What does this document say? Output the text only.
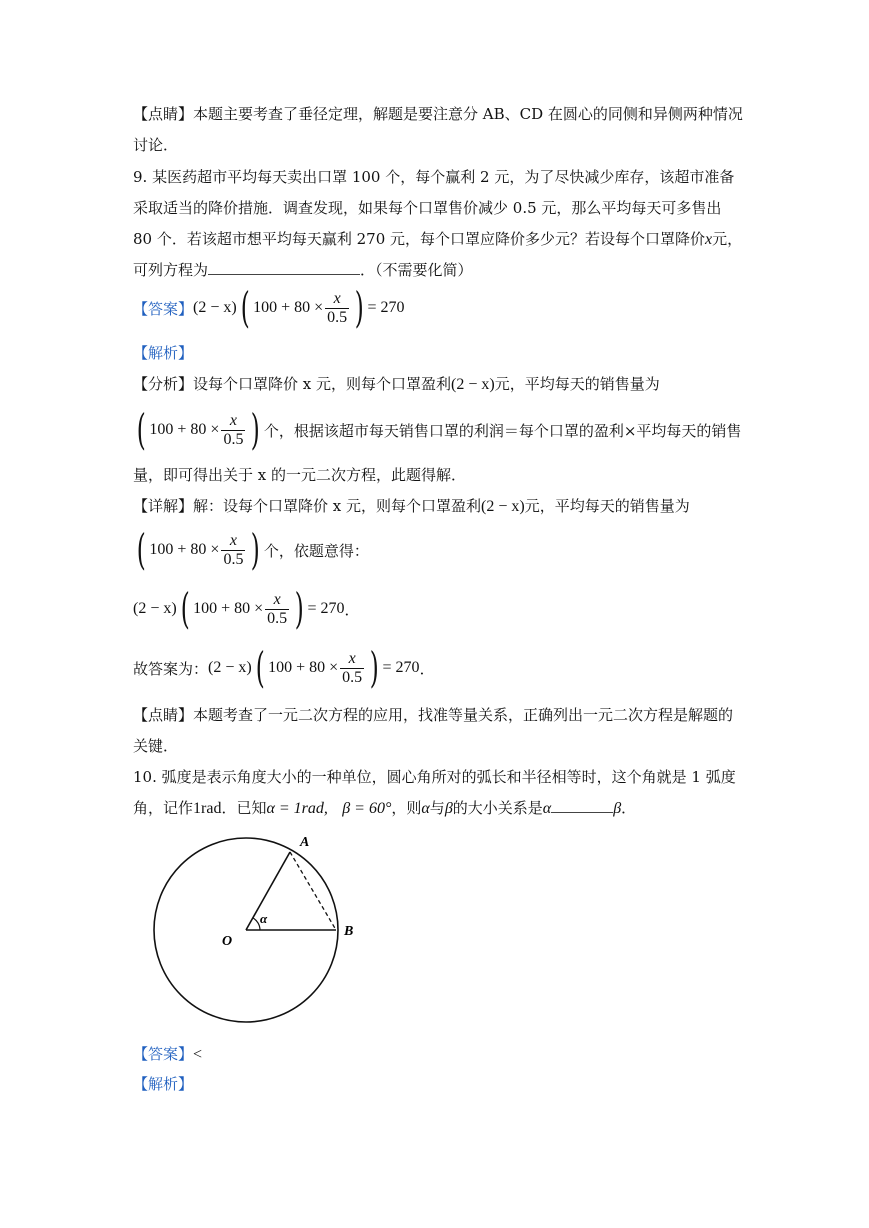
【点睛】本题主要考查了垂径定理，解题是要注意分 AB、CD 在圆心的同侧和异侧两种情况
讨论．
9. 某医药超市平均每天卖出口罩 100 个，每个赢利 2 元，为了尽快减少库存，该超市准备
采取适当的降价措施．调查发现，如果每个口罩售价减少 0.5 元，那么平均每天可多售出
80 个．若该超市想平均每天赢利 270 元，每个口罩应降价多少元？若设每个口罩降价x元，
可列方程为	．（不需要化简）
【答案】 (2 − x) ( $100 + 80 \times \frac{x}{0.5}$ ) = 270
【解析】
【分析】设每个口罩降价 x 元，则每个口罩盈利(2 − x)元，平均每天的销售量为
( $100 + 80 \times \frac{x}{0.5}$ ) 个，根据该超市每天销售口罩的利润＝每个口罩的盈利×平均每天的销售
量，即可得出关于 x 的一元二次方程，此题得解．
【详解】解：设每个口罩降价 x 元，则每个口罩盈利(2 − x)元，平均每天的销售量为
( $100 + 80 \times \frac{x}{0.5}$ ) 个，依题意得：
(2 − x) ( $100 + 80 \times \frac{x}{0.5}$ ) = 270 ．
故答案为： (2 − x) ( $100 + 80 \times \frac{x}{0.5}$ ) = 270 ．
【点睛】本题考查了一元二次方程的应用，找准等量关系，正确列出一元二次方程是解题的
关键．
10. 弧度是表示角度大小的一种单位，圆心角所对的弧长和半径相等时，这个角就是 1 弧度
角，记作1rad．已知α = 1rad, β = 60°，则α与β的大小关系是α	β．
A
B
O
α
【答案】<
【解析】
